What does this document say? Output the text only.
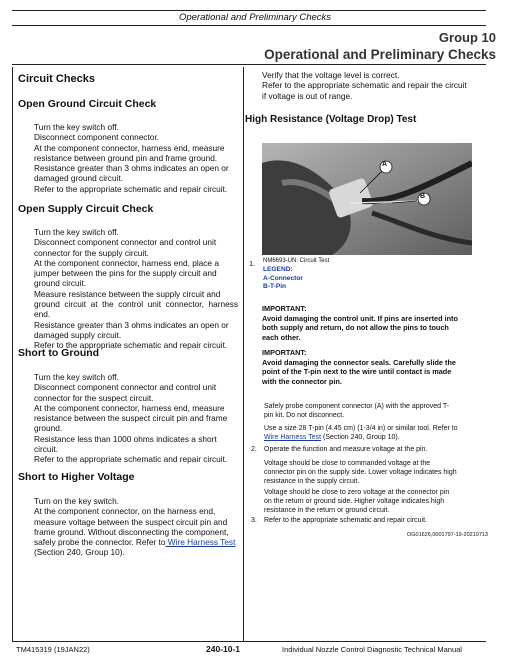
Operational and Preliminary Checks
Group 10
Operational and Preliminary Checks
Circuit Checks
Open Ground Circuit Check
Turn the key switch off.
Disconnect component connector.
At the component connector, harness end, measure
resistance between ground pin and frame ground.
Resistance greater than 3 ohms indicates an open or
damaged ground circuit.
Refer to the appropriate schematic and repair circuit.
Open Supply Circuit Check
Turn the key switch off.
Disconnect component connector and control unit
connector for the supply circuit.
At the component connector, harness end, place a
jumper between the pins for the supply circuit and
ground circuit.
Measure resistance between the supply circuit and
ground circuit at the control unit connector, harness end.
Resistance greater than 3 ohms indicates an open or
damaged supply circuit.
Refer to the appropriate schematic and repair circuit.
Short to Ground
Turn the key switch off.
Disconnect component connector and control unit
connector for the suspect circuit.
At the component connector, harness end, measure
resistance between the suspect circuit pin and frame
ground.
Resistance less than 1000 ohms indicates a short
circuit.
Refer to the appropriate schematic and repair circuit.
Short to Higher Voltage
Turn on the key switch.
At the component connector, on the harness end,
measure voltage between the suspect circuit pin and
frame ground. Without disconnecting the component,
safely probe the connector. Refer to Wire Harness Test
(Section 240, Group 10).
Verify that the voltage level is correct.
Refer to the appropriate schematic and repair the circuit
if voltage is out of range.
High Resistance (Voltage Drop) Test
A
B
1. NM6693-UN: Circuit Test
LEGEND:
A-Connector
B-T-Pin
IMPORTANT:
Avoid damaging the control unit. If pins are inserted into
both supply and return, do not allow the pins to touch
each other.
IMPORTANT:
Avoid damaging the connector seals. Carefully slide the
point of the T-pin next to the wire until contact is made
with the connector pin.
Safely probe component connector (A) with the approved T-
pin kit. Do not disconnect.
Use a size 28 T-pin (4.45 cm) (1-3/4 in) or similar tool. Refer to
Wire Harness Test (Section 240, Group 10).
2. Operate the function and measure voltage at the pin.
Voltage should be close to commanded voltage at the
connector pin on the supply side. Lower voltage indicates high
resistance in the supply circuit.
Voltage should be close to zero voltage at the connector pin
on the return or ground side. Higher voltage indicates high
resistance in the return or ground circuit.
3. Refer to the appropriate schematic and repair circuit.
OG01626,0001797-19-20210713
TM415319 (19JAN22)	240-10-1	Individual Nozzle Control Diagnostic Technical Manual
